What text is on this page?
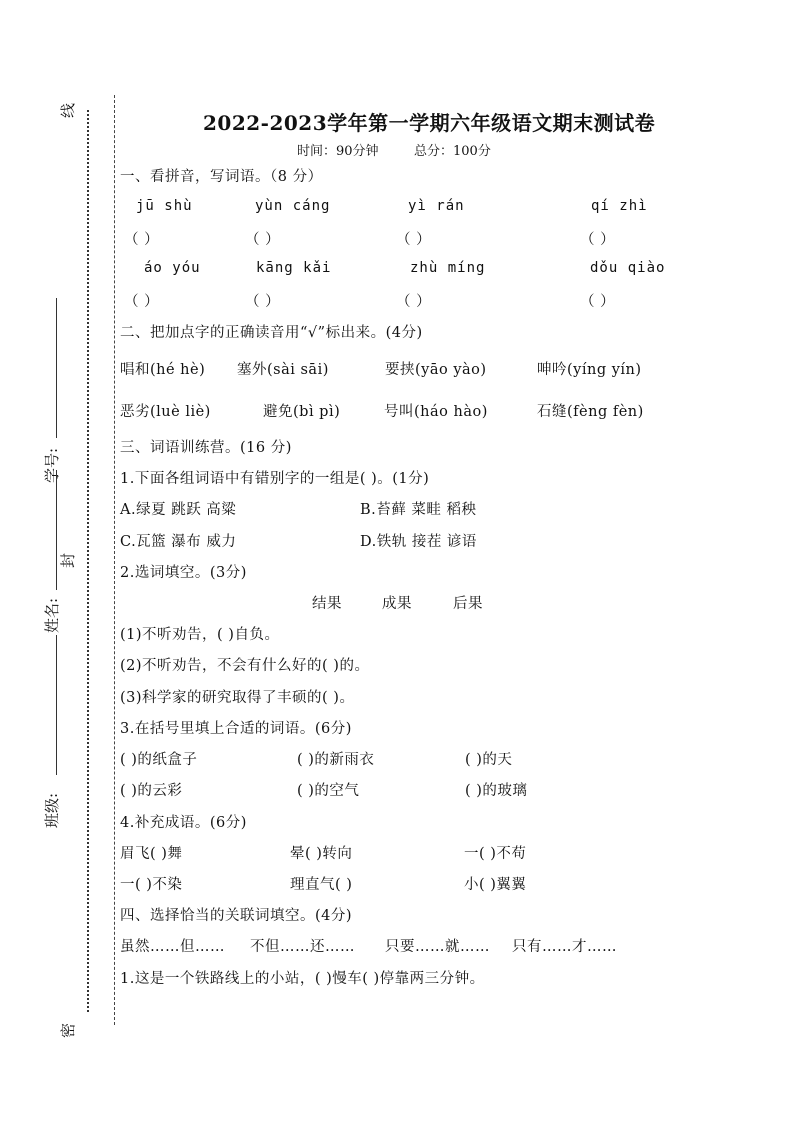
线
封
密
学号:
姓名:
班级:
2022-2023学年第一学期六年级语文期末测试卷
时间：90分钟	总分：100分
一、看拼音，写词语。（8 分）
jū shù	yùn cáng	yì rán	qí zhì
（ ）	（ ）	（ ）	（ ）
áo yóu	kāng kǎi	zhù míng	dǒu qiào
（ ）	（ ）	（ ）	（ ）
二、把加点字的正确读音用“√”标出来。(4分)
唱和(hé hè) 塞外(sài sāi)	要挟(yāo yào)	呻吟(yíng yín)
恶劣(luè liè)	避免(bì pì)	号叫(háo hào)	石缝(fèng fèn)
三、词语训练营。(16 分)
1.下面各组词语中有错别字的一组是( )。(1分)
A.绿夏 跳跃 高粱	B.苔藓 菜畦 稻秧
C.瓦篮 瀑布 威力	D.铁轨 接茬 谚语
2.选词填空。(3分)
结果	成果	后果
(1)不听劝告，( )自负。
(2)不听劝告，不会有什么好的( )的。
(3)科学家的研究取得了丰硕的( )。
3.在括号里填上合适的词语。(6分)
( )的纸盒子	( )的新雨衣	( )的天
( )的云彩	( )的空气	( )的玻璃
4.补充成语。(6分)
眉飞( )舞	晕( )转向	一( )不苟
一( )不染	理直气( )	小( )翼翼
四、选择恰当的关联词填空。(4分)
虽然……但…… 不但……还…… 只要……就…… 只有……才……
1.这是一个铁路线上的小站，( )慢车( )停靠两三分钟。
